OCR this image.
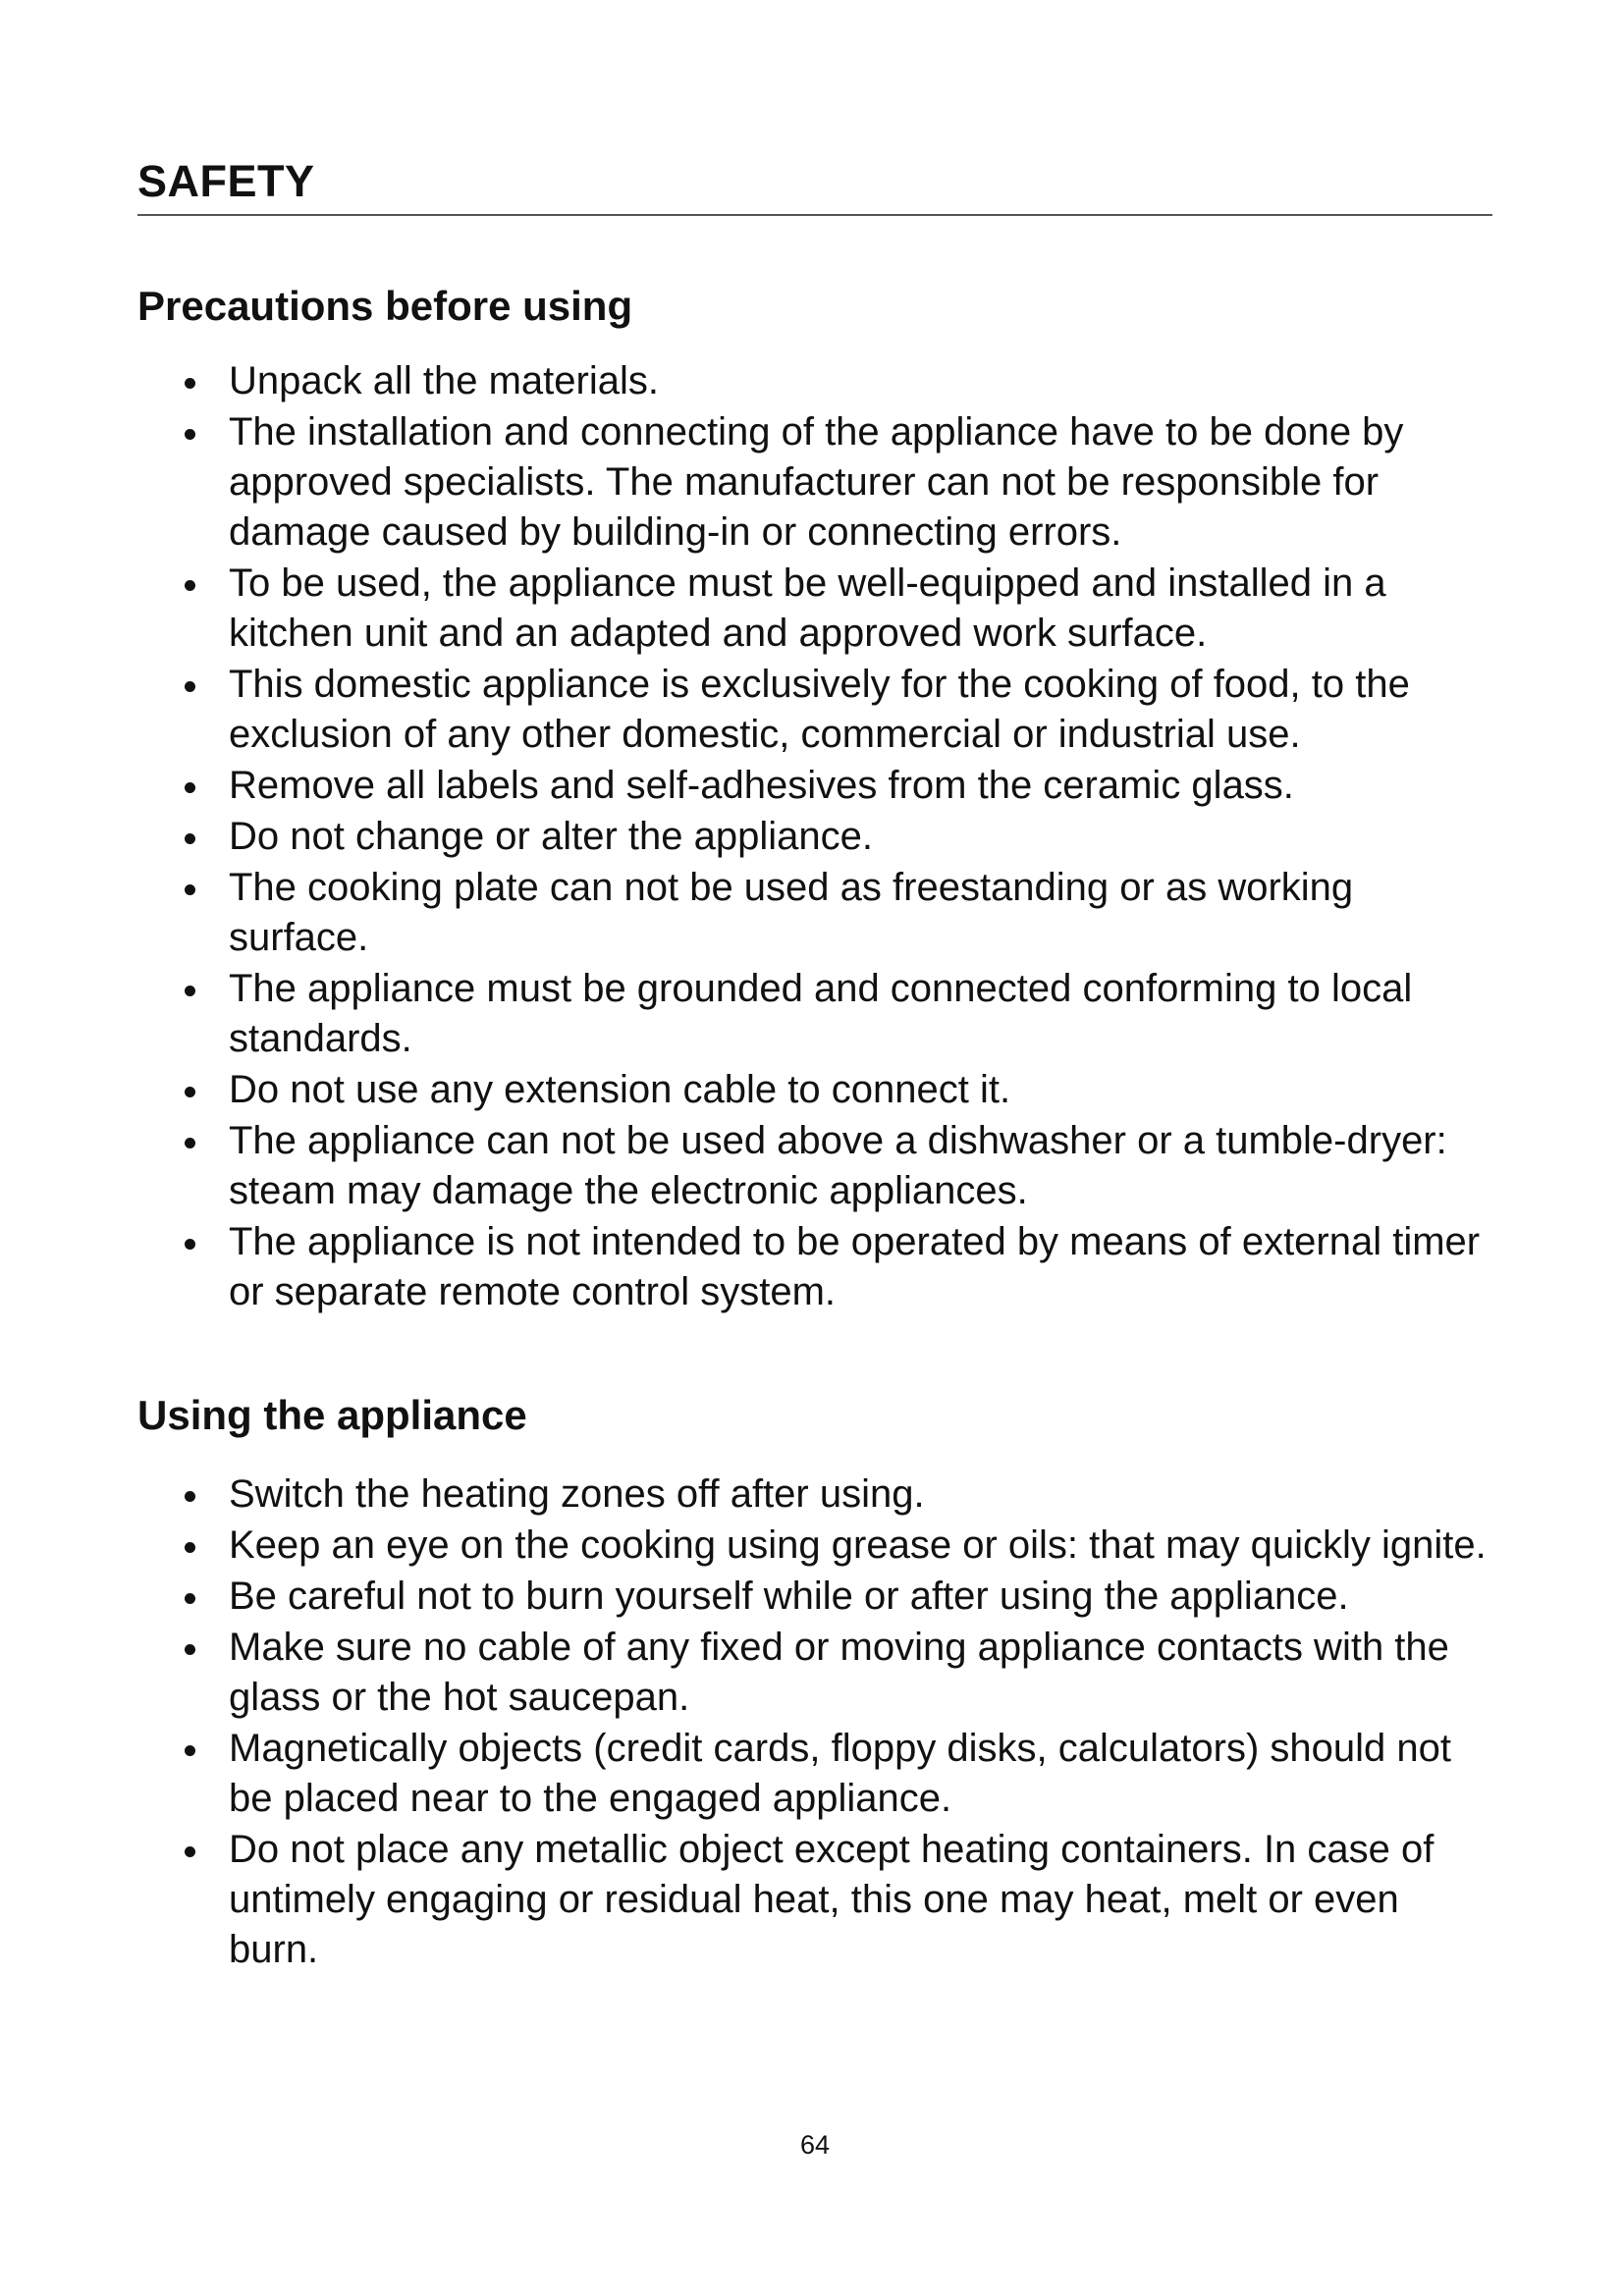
SAFETY
Precautions before using
Unpack all the materials.
The installation and connecting of the appliance have to be done by approved specialists. The manufacturer can not be responsible for damage caused by building-in or connecting errors.
To be used, the appliance must be well-equipped and installed in a kitchen unit and an adapted and approved work surface.
This domestic appliance is exclusively for the cooking of food, to the exclusion of any other domestic, commercial or industrial use.
Remove all labels and self-adhesives from the ceramic glass.
Do not change or alter the appliance.
The cooking plate can not be used as freestanding or as working surface.
The appliance must be grounded and connected conforming to local standards.
Do not use any extension cable to connect it.
The appliance can not be used above a dishwasher or a tumble-dryer: steam may damage the electronic appliances.
The appliance is not intended to be operated by means of external timer or separate remote control system.
Using the appliance
Switch the heating zones off after using.
Keep an eye on the cooking using grease or oils: that may quickly ignite.
Be careful not to burn yourself while or after using the appliance.
Make sure no cable of any fixed or moving appliance contacts with the glass or the hot saucepan.
Magnetically objects (credit cards, floppy disks, calculators) should not be placed near to the engaged appliance.
Do not place any metallic object except heating containers. In case of untimely engaging or residual heat, this one may heat, melt or even burn.
64
